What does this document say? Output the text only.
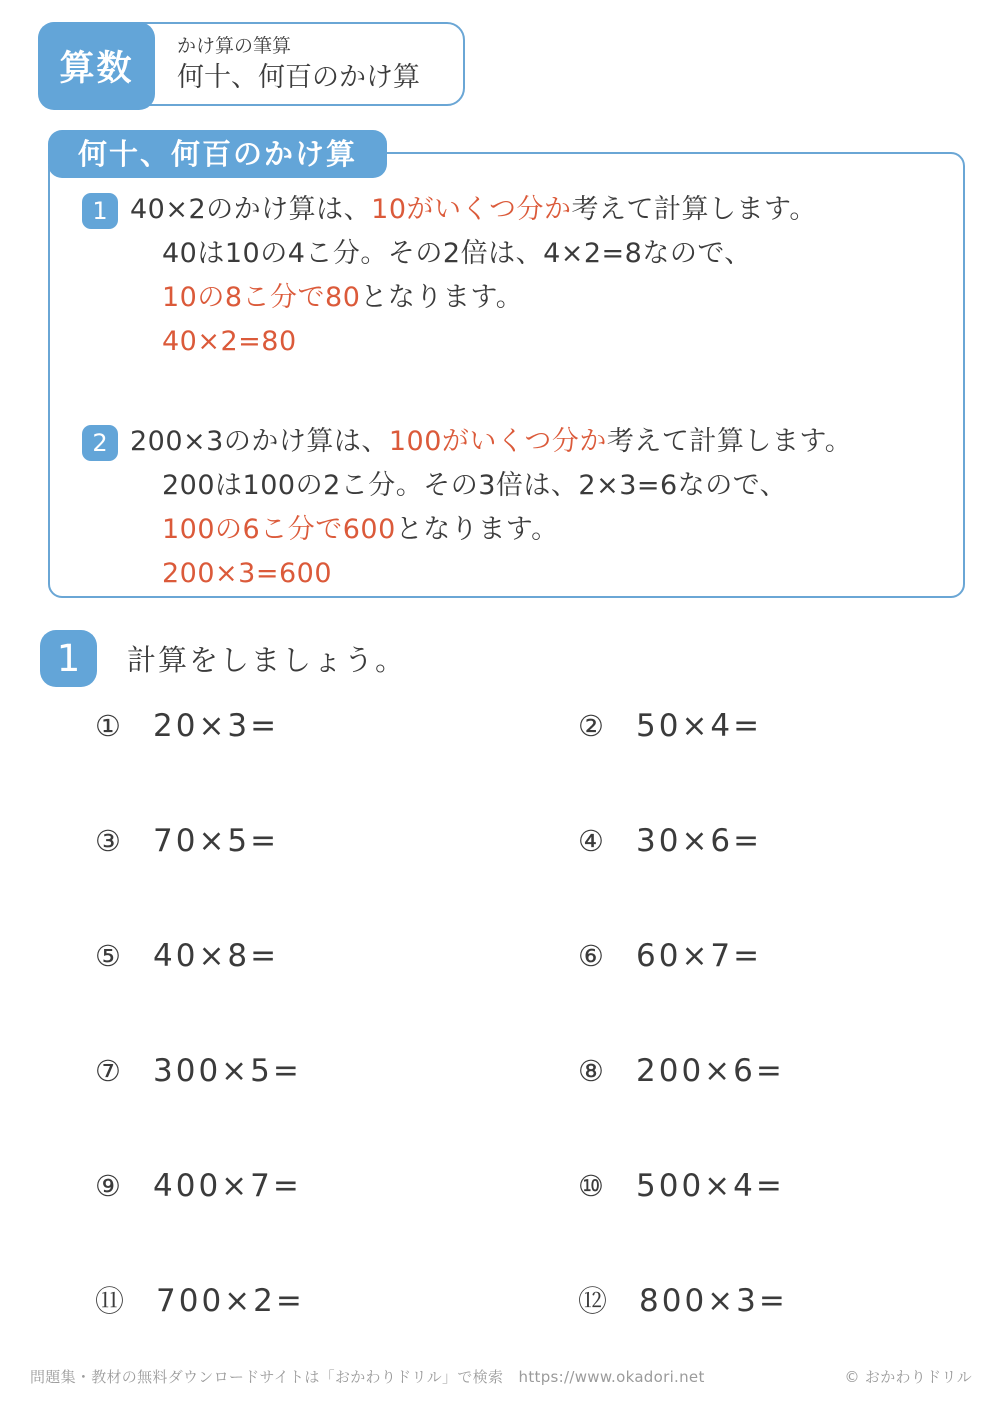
算数
かけ算の筆算
何十、何百のかけ算
何十、何百のかけ算
1 40×2のかけ算は、10がいくつ分か考えて計算します。
40は10の4こ分。その2倍は、4×2=8なので、
10の8こ分で80となります。
40×2=80
2 200×3のかけ算は、100がいくつ分か考えて計算します。
200は100の2こ分。その3倍は、2×3=6なので、
100の6こ分で600となります。
200×3=600
1	計算をしましょう。
① 20×3=	② 50×4=
③ 70×5=	④ 30×6=
⑤ 40×8=	⑥ 60×7=
⑦ 300×5=	⑧ 200×6=
⑨ 400×7=	⑩ 500×4=
⑪ 700×2=	⑫ 800×3=
問題集・教材の無料ダウンロードサイトは「おかわりドリル」で検索　https://www.okadori.net	© おかわりドリル
